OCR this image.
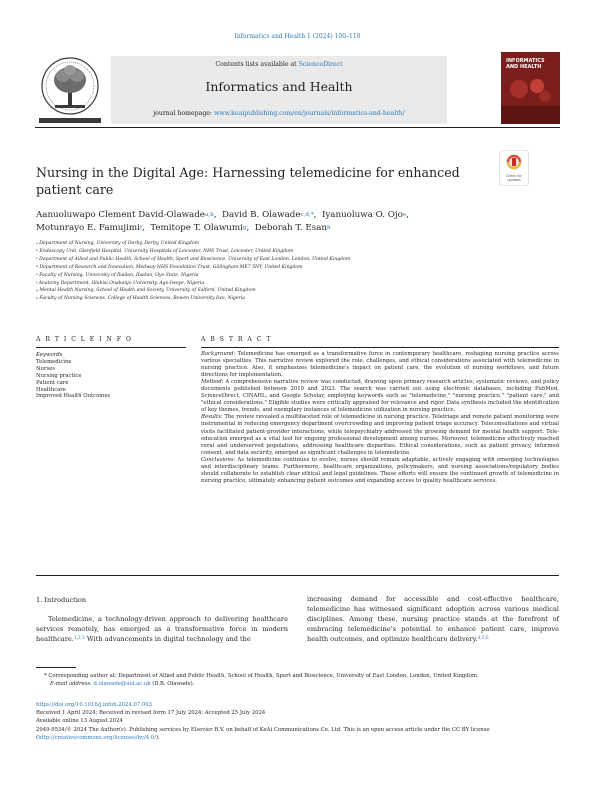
Informatics and Health 1 (2024) 100–110
Contents lists available at ScienceDirect
Informatics and Health
journal homepage: www.keaipublishing.com/en/journals/informatics-and-health/
INFORMATICS AND HEALTH
Nursing in the Digital Age: Harnessing telemedicine for enhanced
patient care
Check for updates
Aanuoluwapo Clement David-Olawade$^{a,b}$,  David B. Olawade$^{c,d,*}$,  Iyanuoluwa O. Ojo$^e$,
Motunrayo E. Famujimi$^f$,  Temitope T. Olawumi$^g$,  Deborah T. Esan$^h$
$^a$ Department of Nursing, University of Derby, Derby, United Kingdom
$^b$ Endoscopy Unit, Glenfield Hospital, University Hospitals of Leicester, NHS Trust, Leicester, United Kingdom
$^c$ Department of Allied and Public Health, School of Health, Sport and Bioscience, University of East London, London, United Kingdom
$^d$ Department of Research and Innovation, Medway NHS Foundation Trust, Gillingham ME7 5NY, United Kingdom
$^e$ Faculty of Nursing, University of Ibadan, Ibadan, Oyo State, Nigeria
$^f$ Anatomy Department, Olabisi Onabanjo University, Ago-Iwoye, Nigeria
$^g$ Mental Health Nursing, School of Health and Society, University of Salford, United Kingdom
$^h$ Faculty of Nursing Sciences, College of Health Sciences, Bowen University Iwo, Nigeria
A R T I C L E I N F O	A B S T R A C T
Keywords
Telemedicine
Nurses
Nursing practice
Patient care
Healthcare
Improved Health Outcomes

Background: Telemedicine has emerged as a transformative force in contemporary healthcare, reshaping nursing practice across various specialties. This narrative review explored the role, challenges, and ethical considerations associated with telemedicine in nursing practice. Also, it emphasizes telemedicine's impact on patient care, the evolution of nursing workflows, and future directions for implementation.

Method: A comprehensive narrative review was conducted, drawing upon primary research articles, systematic reviews, and policy documents published between 2010 and 2023. The search was carried out using electronic databases, including PubMed, ScienceDirect, CINAHL, and Google Scholar, employing keywords such as "telemedicine," "nursing practice," "patient care," and "ethical considerations." Eligible studies were critically appraised for relevance and rigor. Data synthesis included the identification of key themes, trends, and exemplary instances of telemedicine utilization in nursing practice.

Results: The review revealed a multifaceted role of telemedicine in nursing practice. Teletriage and remote patient monitoring were instrumental in reducing emergency department overcrowding and improving patient triage accuracy. Teleconsultations and virtual visits facilitated patient-provider interactions, while telepsychiatry addressed the growing demand for mental health support. Tele-education emerged as a vital tool for ongoing professional development among nurses. Moreover, telemedicine effectively reached rural and underserved populations, addressing healthcare disparities. Ethical considerations, such as patient privacy, informed consent, and data security, emerged as significant challenges in telemedicine.

Conclusions: As telemedicine continues to evolve, nurses should remain adaptable, actively engaging with emerging technologies and interdisciplinary teams. Furthermore, healthcare organizations, policymakers, and nursing associations/regulatory bodies should collaborate to establish clear ethical and legal guidelines. These efforts will ensure the continued growth of telemedicine in nursing practice, ultimately enhancing patient outcomes and expanding access to quality healthcare services.

1. Introduction
Telemedicine, a technology-driven approach to delivering healthcare services remotely, has emerged as a transformative force in modern healthcare.$^{1,2,3}$ With advancements in digital technology and the
increasing demand for accessible and cost-effective healthcare, telemedicine has witnessed significant adoption across various medical disciplines. Among these, nursing practice stands at the forefront of embracing telemedicine's potential to enhance patient care, improve health outcomes, and optimize healthcare delivery.$^{4,5,6}$
* Corresponding author at: Department of Allied and Public Health, School of Health, Sport and Bioscience, University of East London, London, United Kingdom.
E-mail address: d.olawade@uel.ac.uk (D.B. Olawade).
https://doi.org/10.1016/j.infoh.2024.07.003
Received 1 April 2024; Received in revised form 17 July 2024; Accepted 25 July 2024
Available online 13 August 2024
2949-9534/© 2024 The Author(s). Publishing services by Elsevier B.V. on behalf of KeAi Communications Co. Ltd. This is an open access article under the CC BY license (http://creativecommons.org/licenses/by/4.0/).
